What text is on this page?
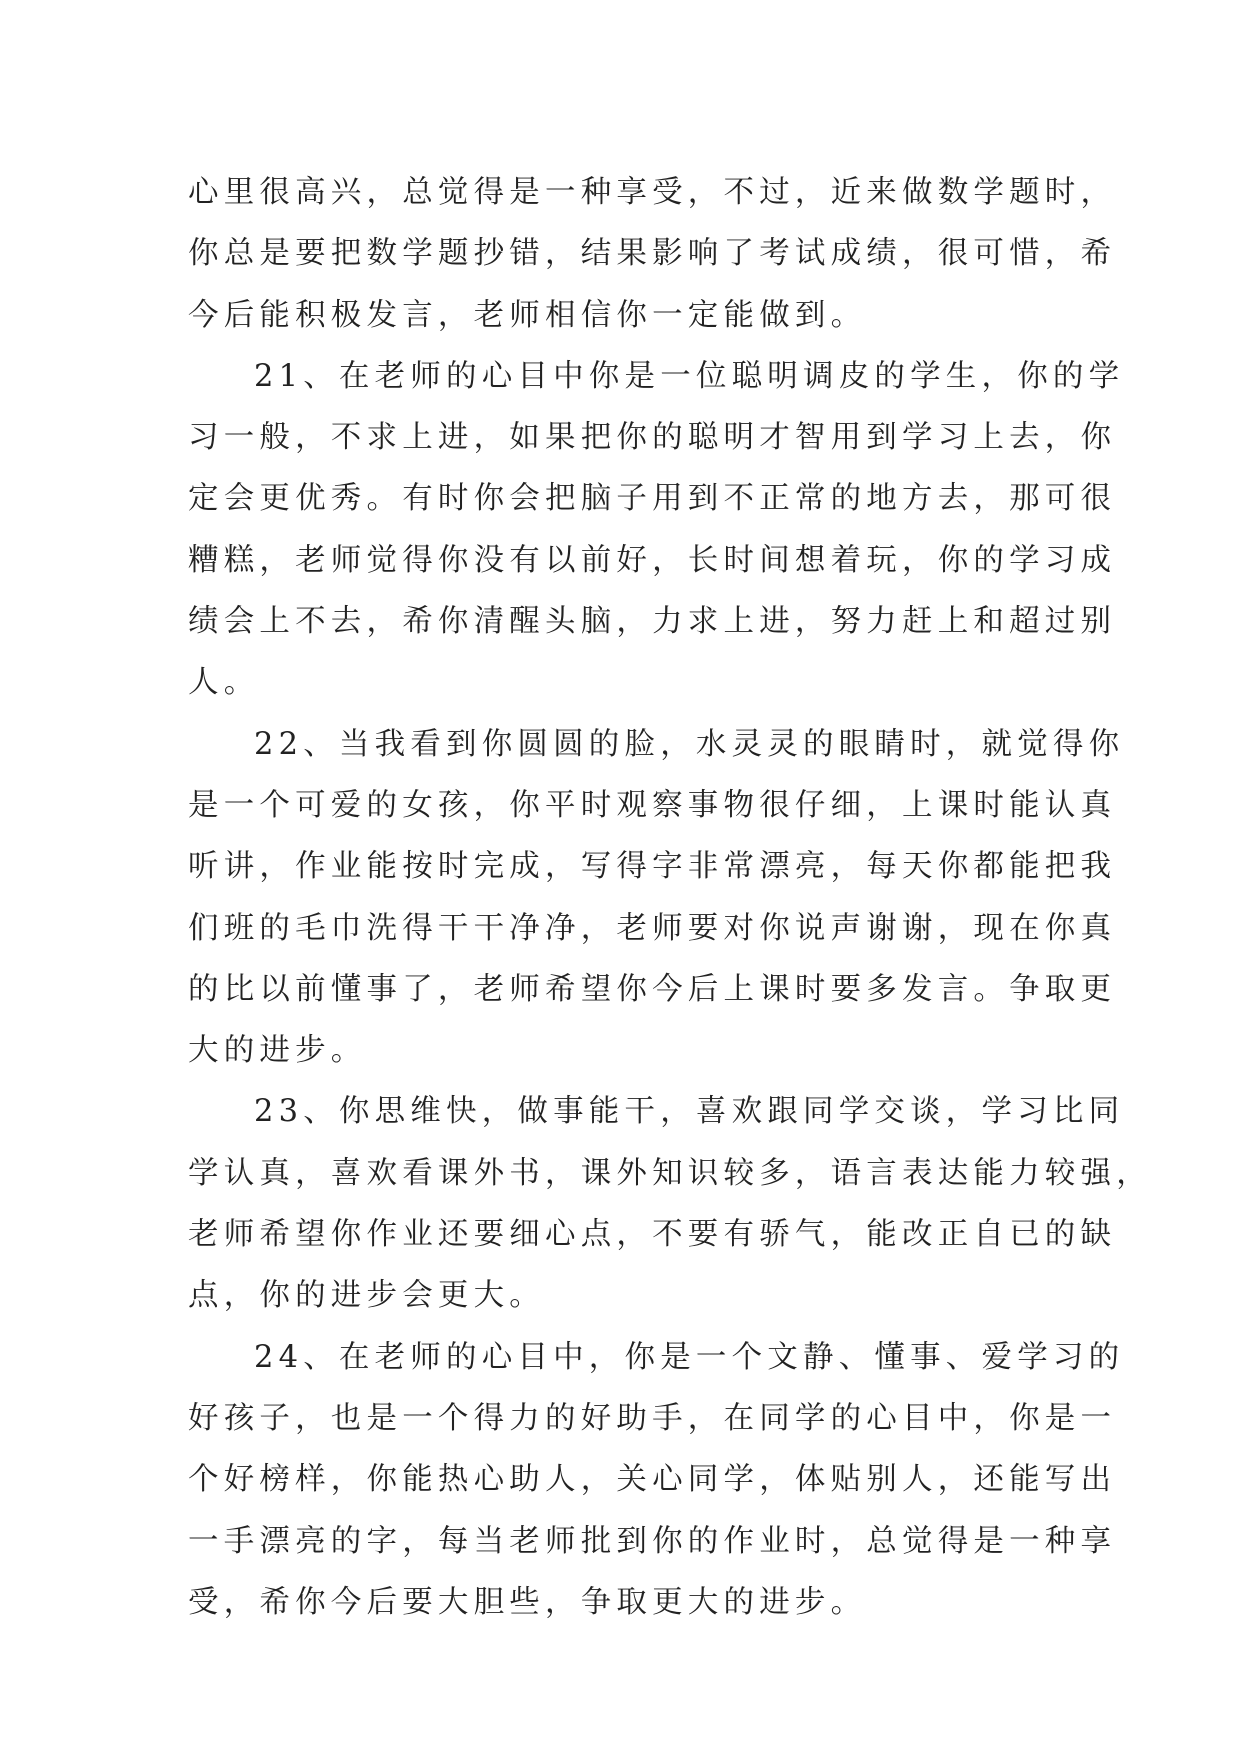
心里很高兴，总觉得是一种享受，不过，近来做数学题时，
你总是要把数学题抄错，结果影响了考试成绩，很可惜，希
今后能积极发言，老师相信你一定能做到。

21、在老师的心目中你是一位聪明调皮的学生，你的学
习一般，不求上进，如果把你的聪明才智用到学习上去，你
定会更优秀。有时你会把脑子用到不正常的地方去，那可很
糟糕，老师觉得你没有以前好，长时间想着玩，你的学习成
绩会上不去，希你清醒头脑，力求上进，努力赶上和超过别
人。

22、当我看到你圆圆的脸，水灵灵的眼睛时，就觉得你
是一个可爱的女孩，你平时观察事物很仔细，上课时能认真
听讲，作业能按时完成，写得字非常漂亮，每天你都能把我
们班的毛巾洗得干干净净，老师要对你说声谢谢，现在你真
的比以前懂事了，老师希望你今后上课时要多发言。争取更
大的进步。

23、你思维快，做事能干，喜欢跟同学交谈，学习比同
学认真，喜欢看课外书，课外知识较多，语言表达能力较强，
老师希望你作业还要细心点，不要有骄气，能改正自已的缺
点，你的进步会更大。

24、在老师的心目中，你是一个文静、懂事、爱学习的
好孩子，也是一个得力的好助手，在同学的心目中，你是一
个好榜样，你能热心助人，关心同学，体贴别人，还能写出
一手漂亮的字，每当老师批到你的作业时，总觉得是一种享
受，希你今后要大胆些，争取更大的进步。
